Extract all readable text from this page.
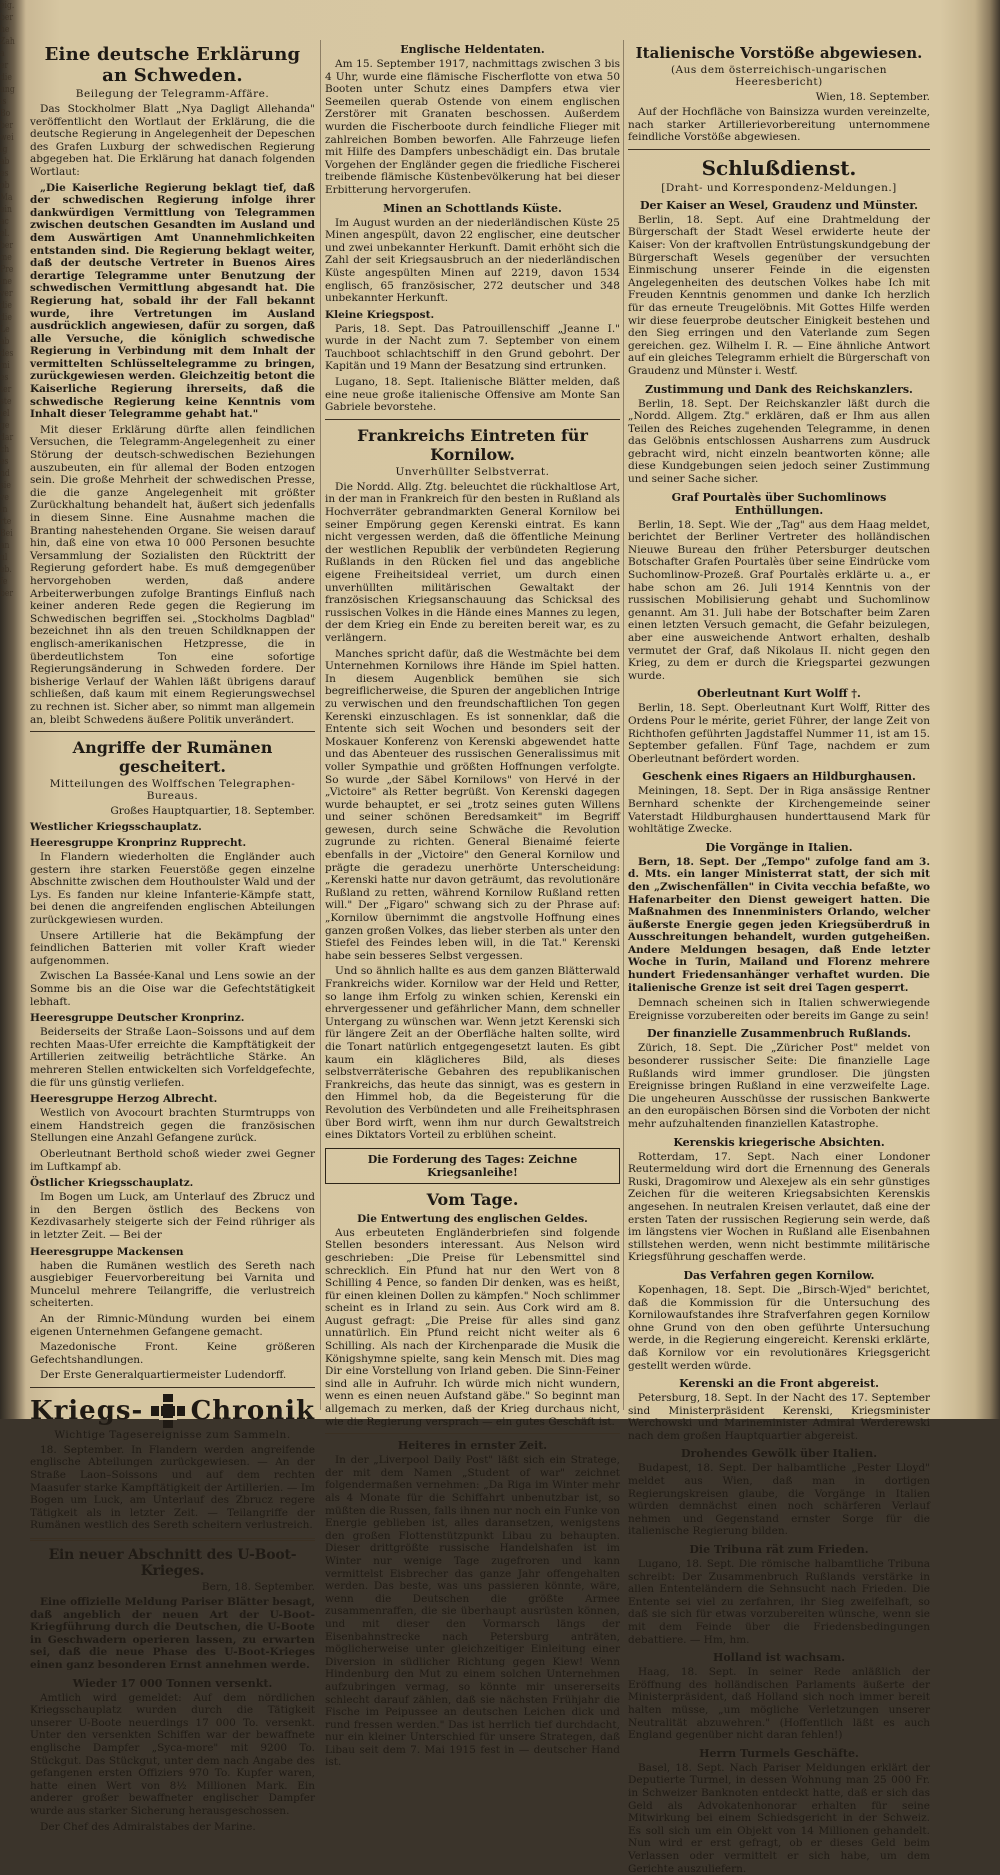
eig.
ber
he
Zah
a
er
die
ung
is
Bo
ber
wei
ig
ab
es
ob
Ma
ein
ac
el.
ber
me
Pre
ine
ver
die
die
Le
ab
des
mi
es
ter
ste
iel
ge
dar
ch
es
nd
sie
ve
in
rte
Bei
an
ul
eb.
fe
ber
Eine deutsche Erklärung an Schweden.
Beilegung der Telegramm-Affäre.

Das Stockholmer Blatt „Nya Dagligt Allehanda" veröffentlicht den Wortlaut der Erklärung, die die deutsche Regierung in Angelegenheit der Depeschen des Grafen Luxburg der schwedischen Regierung abgegeben hat. Die Erklärung hat danach folgenden Wortlaut:

„Die Kaiserliche Regierung beklagt tief, daß der schwedischen Regierung infolge ihrer dankwürdigen Vermittlung von Telegrammen zwischen deutschen Gesandten im Ausland und dem Auswärtigen Amt Unannehmlichkeiten entstanden sind. Die Regierung beklagt weiter, daß der deutsche Vertreter in Buenos Aires derartige Telegramme unter Benutzung der schwedischen Vermittlung abgesandt hat. Die Regierung hat, sobald ihr der Fall bekannt wurde, ihre Vertretungen im Ausland ausdrücklich angewiesen, dafür zu sorgen, daß alle Versuche, die königlich schwedische Regierung in Verbindung mit dem Inhalt der vermittelten Schlüsseltelegramme zu bringen, zurückgewiesen werden. Gleichzeitig betont die Kaiserliche Regierung ihrerseits, daß die schwedische Regierung keine Kenntnis vom Inhalt dieser Telegramme gehabt hat."

Mit dieser Erklärung dürfte allen feindlichen Versuchen, die Telegramm-Angelegenheit zu einer Störung der deutsch-schwedischen Beziehungen auszubeuten, ein für allemal der Boden entzogen sein. Die große Mehrheit der schwedischen Presse, die die ganze Angelegenheit mit größter Zurückhaltung behandelt hat, äußert sich jedenfalls in diesem Sinne. Eine Ausnahme machen die Branting nahestehenden Organe. Sie weisen darauf hin, daß eine von etwa 10 000 Personen besuchte Versammlung der Sozialisten den Rücktritt der Regierung gefordert habe. Es muß demgegenüber hervorgehoben werden, daß andere Arbeiterwerbungen zufolge Brantings Einfluß nach keiner anderen Rede gegen die Regierung im Schwedischen begriffen sei. „Stockholms Dagblad" bezeichnet ihn als den treuen Schildknappen der englisch-amerikanischen Hetzpresse, die in überdeutlichstem Ton eine sofortige Regierungsänderung in Schweden fordere. Der bisherige Verlauf der Wahlen läßt übrigens darauf schließen, daß kaum mit einem Regierungswechsel zu rechnen ist. Sicher aber, so nimmt man allgemein an, bleibt Schwedens äußere Politik unverändert.

Angriffe der Rumänen gescheitert.
Mitteilungen des Wolffschen Telegraphen-Bureaus.
Großes Hauptquartier, 18. September.
Westlicher Kriegsschauplatz.
Heeresgruppe Kronprinz Rupprecht.

In Flandern wiederholten die Engländer auch gestern ihre starken Feuerstöße gegen einzelne Abschnitte zwischen dem Houthoulster Wald und der Lys. Es fanden nur kleine Infanterie-Kämpfe statt, bei denen die angreifenden englischen Abteilungen zurückgewiesen wurden.

Unsere Artillerie hat die Bekämpfung der feindlichen Batterien mit voller Kraft wieder aufgenommen.

Zwischen La Bassée-Kanal und Lens sowie an der Somme bis an die Oise war die Gefechtstätigkeit lebhaft.

Heeresgruppe Deutscher Kronprinz.

Beiderseits der Straße Laon–Soissons und auf dem rechten Maas-Ufer erreichte die Kampftätigkeit der Artillerien zeitweilig beträchtliche Stärke. An mehreren Stellen entwickelten sich Vorfeldgefechte, die für uns günstig verliefen.

Heeresgruppe Herzog Albrecht.

Westlich von Avocourt brachten Sturmtrupps von einem Handstreich gegen die französischen Stellungen eine Anzahl Gefangene zurück.

Oberleutnant Berthold schoß wieder zwei Gegner im Luftkampf ab.

Östlicher Kriegsschauplatz.

Im Bogen um Luck, am Unterlauf des Zbrucz und in den Bergen östlich des Beckens von Kezdivasarhely steigerte sich der Feind rühriger als in letzter Zeit. — Bei der

Heeresgruppe Mackensen

haben die Rumänen westlich des Sereth nach ausgiebiger Feuervorbereitung bei Varnita und Muncelul mehrere Teilangriffe, die verlustreich scheiterten.

An der Rimnic-Mündung wurden bei einem eigenen Unternehmen Gefangene gemacht.

Mazedonische Front. Keine größeren Gefechtshandlungen.

Der Erste Generalquartiermeister Ludendorff.

Kriegs- Chronik
Wichtige Tagesereignisse zum Sammeln.

18. September. In Flandern werden angreifende englische Abteilungen zurückgewiesen. — An der Straße Laon–Soissons und auf dem rechten Maasufer starke Kampftätigkeit der Artillerien. — Im Bogen um Luck, am Unterlauf des Zbrucz regere Tätigkeit als in letzter Zeit. — Teilangriffe der Rumänen westlich des Sereth scheitern verlustreich.

Ein neuer Abschnitt des U-Boot-Krieges.
Bern, 18. September.

Eine offizielle Meldung Pariser Blätter besagt, daß angeblich der neuen Art der U-Boot-Kriegführung durch die Deutschen, die U-Boote in Geschwadern operieren lassen, zu erwarten sei, daß die neue Phase des U-Boot-Krieges einen ganz besonderen Ernst annehmen werde.

Wieder 17 000 Tonnen versenkt.

Amtlich wird gemeldet: Auf dem nördlichen Kriegsschauplatz wurden durch die Tätigkeit unserer U-Boote neuerdings 17 000 To. versenkt. Unter den versenkten Schiffen war der bewaffnete englische Dampfer „Syca-more" mit 9200 To. Stückgut. Das Stückgut, unter dem nach Angabe des gefangenen ersten Offiziers 970 To. Kupfer waren, hatte einen Wert von 8½ Millionen Mark. Ein anderer großer bewaffneter englischer Dampfer wurde aus starker Sicherung herausgeschossen.

Der Chef des Admiralstabes der Marine.

Englische Heldentaten.

Am 15. September 1917, nachmittags zwischen 3 bis 4 Uhr, wurde eine flämische Fischerflotte von etwa 50 Booten unter Schutz eines Dampfers etwa vier Seemeilen querab Ostende von einem englischen Zerstörer mit Granaten beschossen. Außerdem wurden die Fischerboote durch feindliche Flieger mit zahlreichen Bomben beworfen. Alle Fahrzeuge liefen mit Hilfe des Dampfers unbeschädigt ein. Das brutale Vorgehen der Engländer gegen die friedliche Fischerei treibende flämische Küstenbevölkerung hat bei dieser Erbitterung hervorgerufen.

Minen an Schottlands Küste.

Im August wurden an der niederländischen Küste 25 Minen angespült, davon 22 englischer, eine deutscher und zwei unbekannter Herkunft. Damit erhöht sich die Zahl der seit Kriegsausbruch an der niederländischen Küste angespülten Minen auf 2219, davon 1534 englisch, 65 französischer, 272 deutscher und 348 unbekannter Herkunft.

Kleine Kriegspost.

Paris, 18. Sept. Das Patrouillenschiff „Jeanne I." wurde in der Nacht zum 7. September von einem Tauchboot schlachtschiff in den Grund gebohrt. Der Kapitän und 19 Mann der Besatzung sind ertrunken.

Lugano, 18. Sept. Italienische Blätter melden, daß eine neue große italienische Offensive am Monte San Gabriele bevorstehe.

Frankreichs Eintreten für Kornilow.
Unverhüllter Selbstverrat.

Die Nordd. Allg. Ztg. beleuchtet die rückhaltlose Art, in der man in Frankreich für den besten in Rußland als Hochverräter gebrandmarkten General Kornilow bei seiner Empörung gegen Kerenski eintrat. Es kann nicht vergessen werden, daß die öffentliche Meinung der westlichen Republik der verbündeten Regierung Rußlands in den Rücken fiel und das angebliche eigene Freiheitsideal verriet, um durch einen unverhüllten militärischen Gewaltakt der französischen Kriegsanschauung das Schicksal des russischen Volkes in die Hände eines Mannes zu legen, der dem Krieg ein Ende zu bereiten bereit war, es zu verlängern.

Manches spricht dafür, daß die Westmächte bei dem Unternehmen Kornilows ihre Hände im Spiel hatten. In diesem Augenblick bemühen sie sich begreiflicherweise, die Spuren der angeblichen Intrige zu verwischen und den freundschaftlichen Ton gegen Kerenski einzuschlagen. Es ist sonnenklar, daß die Entente sich seit Wochen und besonders seit der Moskauer Konferenz von Kerenski abgewendet hatte und das Abenteuer des russischen Generalissimus mit voller Sympathie und größten Hoffnungen verfolgte. So wurde „der Säbel Kornilows" von Hervé in der „Victoire" als Retter begrüßt. Von Kerenski dagegen wurde behauptet, er sei „trotz seines guten Willens und seiner schönen Beredsamkeit" im Begriff gewesen, durch seine Schwäche die Revolution zugrunde zu richten. General Bienaimé feierte ebenfalls in der „Victoire" den General Kornilow und prägte die geradezu unerhörte Unterscheidung: „Kerenski hatte nur davon geträumt, das revolutionäre Rußland zu retten, während Kornilow Rußland retten will." Der „Figaro" schwang sich zu der Phrase auf: „Kornilow übernimmt die angstvolle Hoffnung eines ganzen großen Volkes, das lieber sterben als unter den Stiefel des Feindes leben will, in die Tat." Kerenski habe sein besseres Selbst vergessen.

Und so ähnlich hallte es aus dem ganzen Blätterwald Frankreichs wider. Kornilow war der Held und Retter, so lange ihm Erfolg zu winken schien, Kerenski ein ehrvergessener und gefährlicher Mann, dem schneller Untergang zu wünschen war. Wenn jetzt Kerenski sich für längere Zeit an der Oberfläche halten sollte, wird die Tonart natürlich entgegengesetzt lauten. Es gibt kaum ein kläglicheres Bild, als dieses selbstverräterische Gebahren des republikanischen Frankreichs, das heute das sinnigt, was es gestern in den Himmel hob, da die Begeisterung für die Revolution des Verbündeten und alle Freiheitsphrasen über Bord wirft, wenn ihm nur durch Gewaltstreich eines Diktators Vorteil zu erblühen scheint.

Die Forderung des Tages: Zeichne Kriegsanleihe!
Vom Tage.
Die Entwertung des englischen Geldes.

Aus erbeuteten Engländerbriefen sind folgende Stellen besonders interessant. Aus Nelson wird geschrieben: „Die Preise für Lebensmittel sind schrecklich. Ein Pfund hat nur den Wert von 8 Schilling 4 Pence, so fanden Dir denken, was es heißt, für einen kleinen Dollen zu kämpfen." Noch schlimmer scheint es in Irland zu sein. Aus Cork wird am 8. August gefragt: „Die Preise für alles sind ganz unnatürlich. Ein Pfund reicht nicht weiter als 6 Schilling. Als nach der Kirchenparade die Musik die Königshymne spielte, sang kein Mensch mit. Dies mag Dir eine Vorstellung von Irland geben. Die Sinn-Feiner sind alle in Aufruhr. Ich würde mich nicht wundern, wenn es einen neuen Aufstand gäbe." So beginnt man allgemach zu merken, daß der Krieg durchaus nicht, wie die Regierung versprach — ein gutes Geschäft ist.

Heiteres in ernster Zeit.

In der „Liverpool Daily Post" läßt sich ein Stratege, der mit dem Namen „Student of war" zeichnet folgendermaßen vernehmen: „Da Riga im Winter mehr als 4 Monate für die Schiffahrt unbenutzbar ist, so müßten die Russen, falls ihnen nur noch ein Funke von Energie geblieben ist, alles daransetzen, wenigstens den großen Flottenstützpunkt Libau zu behaupten. Dieser drittgrößte russische Handelshafen ist im Winter nur wenige Tage zugefroren und kann vermittelst Eisbrecher das ganze Jahr offengehalten werden. Das beste, was uns passieren könnte, wäre, wenn die Deutschen die größte Armee zusammenraffen, die sie überhaupt ausrüsten können, und mit dieser den Vormarsch längs der Eisenbahnstrecke nach Petersburg anträten, möglicherweise unter gleichzeitiger Einleitung einer Diversion in südlicher Richtung gegen Kiew! Wenn Hindenburg den Mut zu einem solchen Unternehmen aufzubringen vermag, so könnte mir unsererseits schlecht darauf zählen, daß sie nächsten Frühjahr die Fische im Peipussee an deutschen Leichen dick und rund fressen werden." Das ist herrlich tief durchdacht, nur ein kleiner Unterschied für unsere Strategen, daß Libau seit dem 7. Mai 1915 fest in — deutscher Hand ist.

Italienische Vorstöße abgewiesen.
(Aus dem österreichisch-ungarischen Heeresbericht)
Wien, 18. September.

Auf der Hochfläche von Bainsizza wurden vereinzelte, nach starker Artillerievorbereitung unternommene feindliche Vorstöße abgewiesen.

Schlußdienst.
[Draht- und Korrespondenz-Meldungen.]
Der Kaiser an Wesel, Graudenz und Münster.

Berlin, 18. Sept. Auf eine Drahtmeldung der Bürgerschaft der Stadt Wesel erwiderte heute der Kaiser: Von der kraftvollen Entrüstungskundgebung der Bürgerschaft Wesels gegenüber der versuchten Einmischung unserer Feinde in die eigensten Angelegenheiten des deutschen Volkes habe Ich mit Freuden Kenntnis genommen und danke Ich herzlich für das erneute Treugelöbnis. Mit Gottes Hilfe werden wir diese feuerprobe deutscher Einigkeit bestehen und den Sieg erringen und den Vaterlande zum Segen gereichen. gez. Wilhelm I. R. — Eine ähnliche Antwort auf ein gleiches Telegramm erhielt die Bürgerschaft von Graudenz und Münster i. Westf.

Zustimmung und Dank des Reichskanzlers.

Berlin, 18. Sept. Der Reichskanzler läßt durch die „Nordd. Allgem. Ztg." erklären, daß er Ihm aus allen Teilen des Reiches zugehenden Telegramme, in denen das Gelöbnis entschlossen Ausharrens zum Ausdruck gebracht wird, nicht einzeln beantworten könne; alle diese Kundgebungen seien jedoch seiner Zustimmung und seiner Sache sicher.

Graf Pourtalès über Suchomlinows Enthüllungen.

Berlin, 18. Sept. Wie der „Tag" aus dem Haag meldet, berichtet der Berliner Vertreter des holländischen Nieuwe Bureau den früher Petersburger deutschen Botschafter Grafen Pourtalès über seine Eindrücke vom Suchomlinow-Prozeß. Graf Pourtalès erklärte u. a., er habe schon am 26. Juli 1914 Kenntnis von der russischen Mobilisierung gehabt und Suchomlinow genannt. Am 31. Juli habe der Botschafter beim Zaren einen letzten Versuch gemacht, die Gefahr beizulegen, aber eine ausweichende Antwort erhalten, deshalb vermutet der Graf, daß Nikolaus II. nicht gegen den Krieg, zu dem er durch die Kriegspartei gezwungen wurde.

Oberleutnant Kurt Wolff †.

Berlin, 18. Sept. Oberleutnant Kurt Wolff, Ritter des Ordens Pour le mérite, geriet Führer, der lange Zeit von Richthofen geführten Jagdstaffel Nummer 11, ist am 15. September gefallen. Fünf Tage, nachdem er zum Oberleutnant befördert worden.

Geschenk eines Rigaers an Hildburghausen.

Meiningen, 18. Sept. Der in Riga ansässige Rentner Bernhard schenkte der Kirchengemeinde seiner Vaterstadt Hildburghausen hunderttausend Mark für wohltätige Zwecke.

Die Vorgänge in Italien.

Bern, 18. Sept. Der „Tempo" zufolge fand am 3. d. Mts. ein langer Ministerrat statt, der sich mit den „Zwischenfällen" in Civita vecchia befaßte, wo Hafenarbeiter den Dienst geweigert hatten. Die Maßnahmen des Innenministers Orlando, welcher äußerste Energie gegen jeden Kriegsüberdruß in Ausschreitungen behandelt, wurden gutgeheißen. Andere Meldungen besagen, daß Ende letzter Woche in Turin, Mailand und Florenz mehrere hundert Friedensanhänger verhaftet wurden. Die italienische Grenze ist seit drei Tagen gesperrt.

Demnach scheinen sich in Italien schwerwiegende Ereignisse vorzubereiten oder bereits im Gange zu sein!

Der finanzielle Zusammenbruch Rußlands.

Zürich, 18. Sept. Die „Züricher Post" meldet von besonderer russischer Seite: Die finanzielle Lage Rußlands wird immer grundloser. Die jüngsten Ereignisse bringen Rußland in eine verzweifelte Lage. Die ungeheuren Ausschüsse der russischen Bankwerte an den europäischen Börsen sind die Vorboten der nicht mehr aufzuhaltenden finanziellen Katastrophe.

Kerenskis kriegerische Absichten.

Rotterdam, 17. Sept. Nach einer Londoner Reutermeldung wird dort die Ernennung des Generals Ruski, Dragomirow und Alexejew als ein sehr günstiges Zeichen für die weiteren Kriegsabsichten Kerenskis angesehen. In neutralen Kreisen verlautet, daß eine der ersten Taten der russischen Regierung sein werde, daß im längstens vier Wochen in Rußland alle Eisenbahnen stillstehen werden, wenn nicht bestimmte militärische Kriegsführung geschaffen werde.

Das Verfahren gegen Kornilow.

Kopenhagen, 18. Sept. Die „Birsch-Wjed" berichtet, daß die Kommission für die Untersuchung des Kornilowaufstandes ihre Strafverfahren gegen Kornilow ohne Grund von den oben geführte Untersuchung werde, in die Regierung eingereicht. Kerenski erklärte, daß Kornilow vor ein revolutionäres Kriegsgericht gestellt werden würde.

Kerenski an die Front abgereist.

Petersburg, 18. Sept. In der Nacht des 17. September sind Ministerpräsident Kerenski, Kriegsminister Werchowski und Marineminister Admiral Werderewski nach dem großen Hauptquartier abgereist.

Drohendes Gewölk über Italien.

Budapest, 18. Sept. Der halbamtliche „Pester Lloyd" meldet aus Wien, daß man in dortigen Regierungskreisen glaube, die Vorgänge in Italien würden demnächst einen noch schärferen Verlauf nehmen und Gegenstand ernster Sorge für die italienische Regierung bilden.

Die Tribuna rät zum Frieden.

Lugano, 18. Sept. Die römische halbamtliche Tribuna schreibt: Der Zusammenbruch Rußlands verstärke in allen Ententeländern die Sehnsucht nach Frieden. Die Entente sei viel zu zerfahren, ihr Sieg zweifelhaft, so daß sie sich für etwas vorzubereiten wünsche, wenn sie mit dem Feinde über die Friedensbedingungen debattiere. — Hm, hm.

Holland ist wachsam.

Haag, 18. Sept. In seiner Rede anläßlich der Eröffnung des holländischen Parlaments äußerte der Ministerpräsident, daß Holland sich noch immer bereit halten müsse, „um mögliche Verletzungen unserer Neutralität abzuwehren." (Hoffentlich läßt es auch England gegenüber nicht daran fehlen!)

Herrn Turmels Geschäfte.

Basel, 18. Sept. Nach Pariser Meldungen erklärt der Deputierte Turmel, in dessen Wohnung man 25 000 Fr. in Schweizer Banknoten entdeckt hatte, daß er sich das Geld als Advokatenhonorar erhalten für seine Mitwirkung bei einem Schiedsgericht in der Schweiz. Es soll sich um ein Objekt von 14 Millionen gehandelt. Nun wird er erst gefragt, ob er dieses Geld beim Verlassen oder vermittelt er sich habe, um dem Gerichte auszuliefern.
